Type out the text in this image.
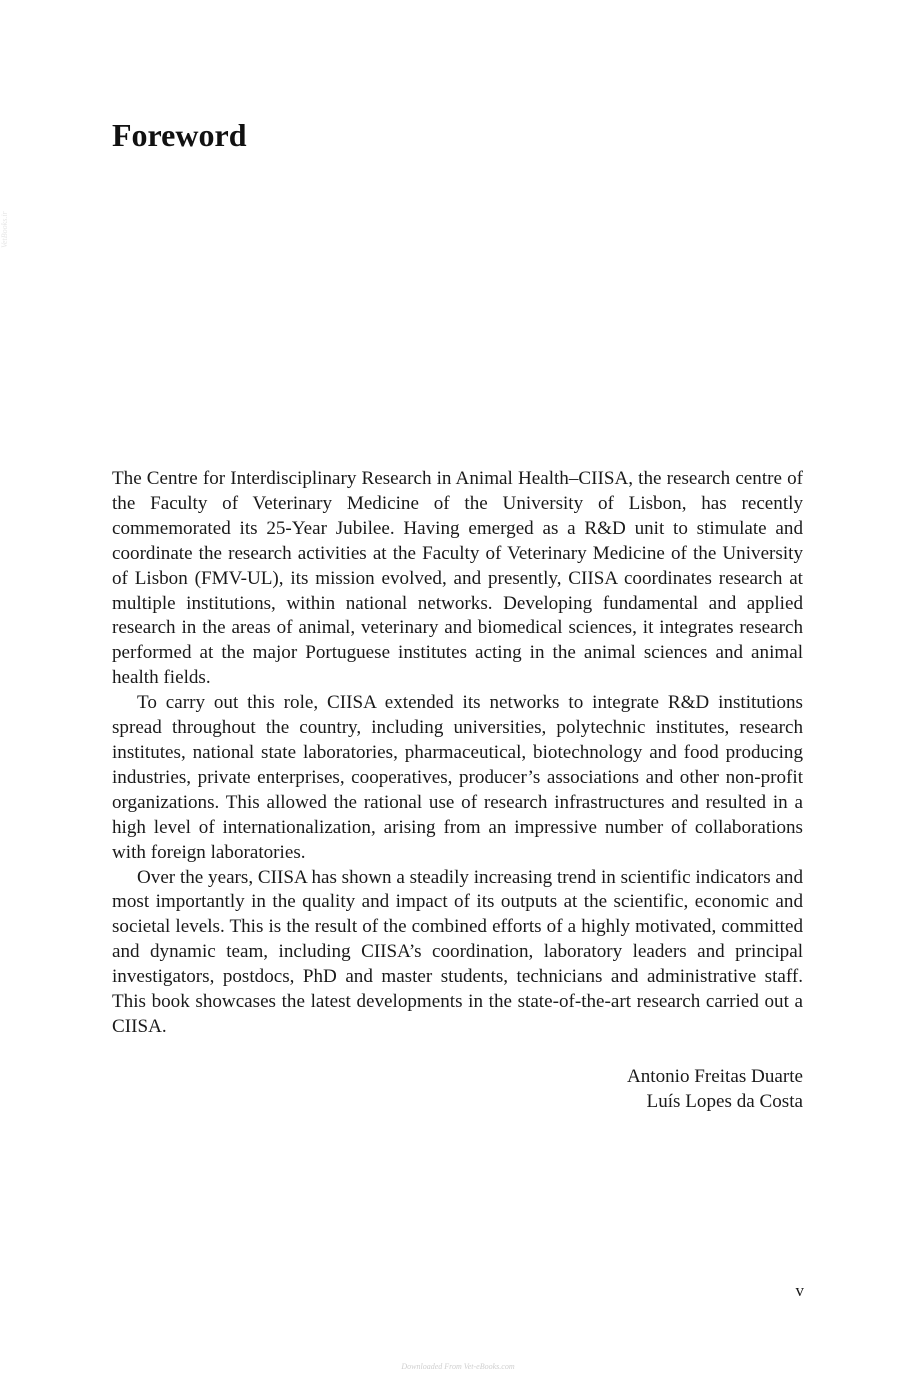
VetBooks.ir
Foreword

The Centre for Interdisciplinary Research in Animal Health–CIISA, the research centre of the Faculty of Veterinary Medicine of the University of Lisbon, has recently commemorated its 25-Year Jubilee. Having emerged as a R&D unit to stimulate and coordinate the research activities at the Faculty of Veterinary Medicine of the University of Lisbon (FMV-UL), its mission evolved, and presently, CIISA coordinates research at multiple institutions, within national networks. Developing fundamental and applied research in the areas of animal, veterinary and biomedical sciences, it integrates research performed at the major Portuguese institutes acting in the animal sciences and animal health fields.

To carry out this role, CIISA extended its networks to integrate R&D institutions spread throughout the country, including universities, polytechnic institutes, research institutes, national state laboratories, pharmaceutical, biotechnology and food producing industries, private enterprises, cooperatives, producer’s associations and other non-profit organizations. This allowed the rational use of research infrastructures and resulted in a high level of internationalization, arising from an impressive number of collaborations with foreign laboratories.

Over the years, CIISA has shown a steadily increasing trend in scientific indicators and most importantly in the quality and impact of its outputs at the scientific, economic and societal levels. This is the result of the combined efforts of a highly motivated, committed and dynamic team, including CIISA’s coordination, laboratory leaders and principal investigators, postdocs, PhD and master students, technicians and administrative staff. This book showcases the latest developments in the state-of-the-art research carried out a CIISA.

Antonio Freitas Duarte
Luís Lopes da Costa
v
Downloaded From Vet-eBooks.com
